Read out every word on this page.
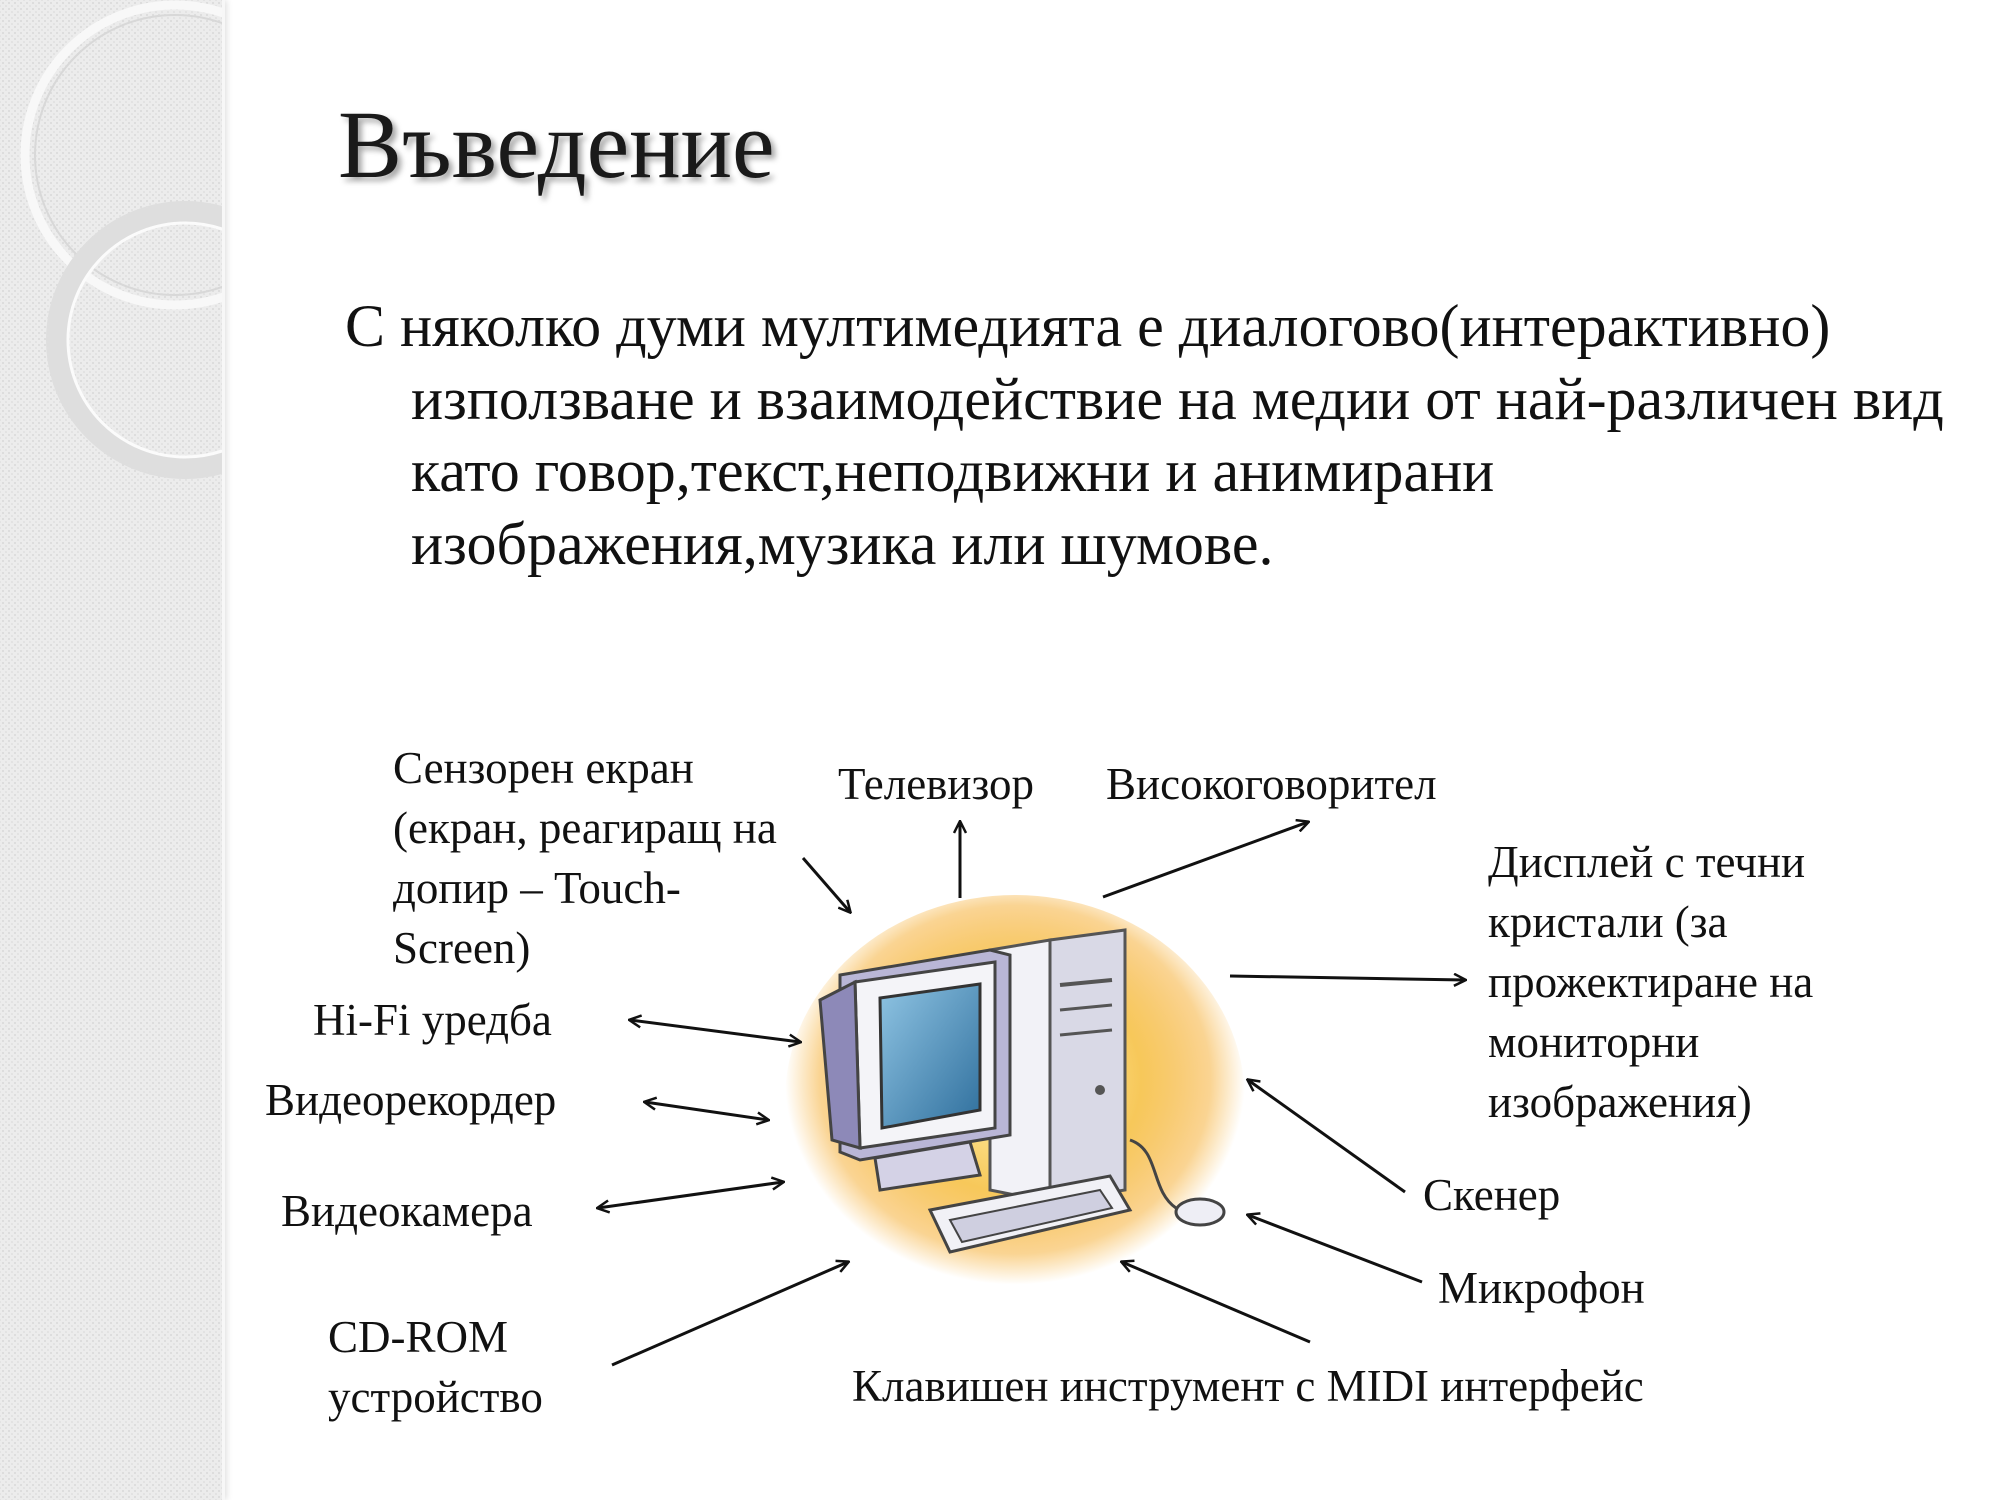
Въведение
С няколко думи мултимедията е диалогово(интерактивно) използване и взаимодействие на медии от най-различен вид като говор,текст,неподвижни и анимирани изображения,музика или шумове.
Сензорен екран (екран, реагиращ на допир – Touch-Screen)
Телевизор Високоговорител
Дисплей с течни кристали (за прожектиране на мониторни изображения)
Hi-Fi уредба
Видеорекордер
Видеокамера
CD-ROM устройство
Скенер
Микрофон
Клавишен инструмент с MIDI интерфейс
